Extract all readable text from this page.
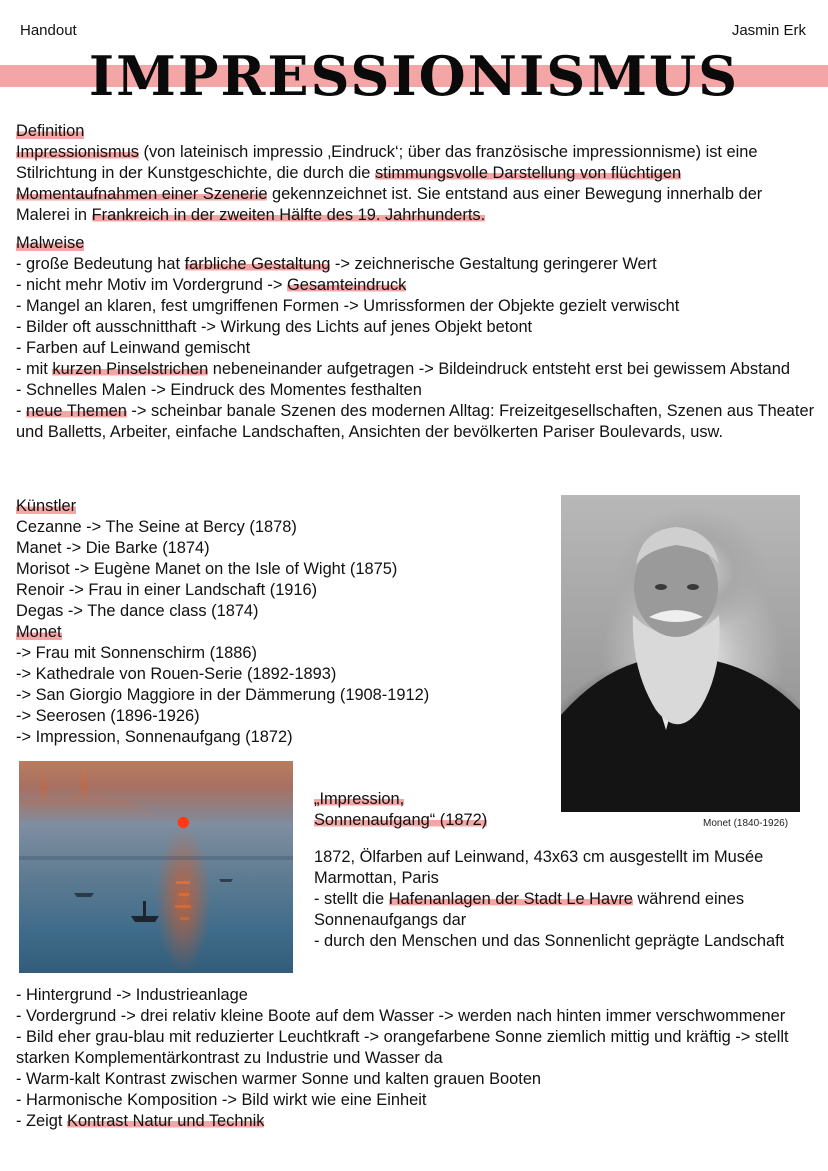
Handout	Jasmin Erk
IMPRESSIONISMUS

Definition

Impressionismus (von lateinisch impressio ‚Eindruck‘; über das französische impressionnisme) ist eine Stilrichtung in der Kunstgeschichte, die durch die stimmungsvolle Darstellung von flüchtigen Momentaufnahmen einer Szenerie gekennzeichnet ist. Sie entstand aus einer Bewegung innerhalb der Malerei in Frankreich in der zweiten Hälfte des 19. Jahrhunderts.

Malweise

- große Bedeutung hat farbliche Gestaltung -> zeichnerische Gestaltung geringerer Wert

- nicht mehr Motiv im Vordergrund -> Gesamteindruck

- Mangel an klaren, fest umgriffenen Formen -> Umrissformen der Objekte gezielt verwischt

- Bilder oft ausschnitthaft -> Wirkung des Lichts auf jenes Objekt betont

- Farben auf Leinwand gemischt

- mit kurzen Pinselstrichen nebeneinander aufgetragen -> Bildeindruck entsteht erst bei gewissem Abstand

- Schnelles Malen -> Eindruck des Momentes festhalten

- neue Themen -> scheinbar banale Szenen des modernen Alltag: Freizeitgesellschaften, Szenen aus Theater und Balletts, Arbeiter, einfache Landschaften, Ansichten der bevölkerten Pariser Boulevards, usw.

Künstler

Cezanne -> The Seine at Bercy (1878)

Manet -> Die Barke (1874)

Morisot -> Eugène Manet on the Isle of Wight (1875)

Renoir -> Frau in einer Landschaft (1916)

Degas -> The dance class (1874)

Monet

-> Frau mit Sonnenschirm (1886)

-> Kathedrale von Rouen-Serie (1892-1893)

-> San Giorgio Maggiore in der Dämmerung (1908-1912)

-> Seerosen (1896-1926)

-> Impression, Sonnenaufgang (1872)

Monet (1840-1926)

„Impression,

Sonnenaufgang“ (1872)

1872, Ölfarben auf Leinwand, 43x63 cm ausgestellt im Musée Marmottan, Paris

- stellt die Hafenanlagen der Stadt Le Havre während eines Sonnenaufgangs dar

- durch den Menschen und das Sonnenlicht geprägte Landschaft

- Hintergrund -> Industrieanlage

- Vordergrund -> drei relativ kleine Boote auf dem Wasser -> werden nach hinten immer verschwommener

- Bild eher grau-blau mit reduzierter Leuchtkraft -> orangefarbene Sonne ziemlich mittig und kräftig -> stellt starken Komplementärkontrast zu Industrie und Wasser da

- Warm-kalt Kontrast zwischen warmer Sonne und kalten grauen Booten

- Harmonische Komposition -> Bild wirkt wie eine Einheit

- Zeigt Kontrast Natur und Technik
